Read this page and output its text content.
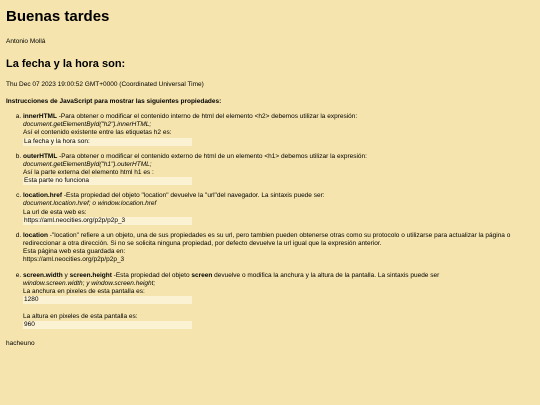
Buenas tardes

Antonio Mollá

La fecha y la hora son:

Thu Dec 07 2023 19:00:52 GMT+0000 (Coordinated Universal Time)

Instrucciones de JavaScript para mostrar las siguientes propiedades:

a. innerHTML -Para obtener o modificar el contenido interno de html del elemento <h2> debemos utilizar la expresión:
document.getElementById("h2").innerHTML;
Así el contenido existente entre las etiquetas h2 es:
La fecha y la hora son:
b. outerHTML -Para obtener o modificar el contenido externo de html de un elemento <h1> debemos utilizar la expresión:
document.getElementById("h1").outerHTML;
Así la parte externa del elemento html h1 es :
Esta parte no funciona
c. location.href -Esta propiedad del objeto "location" devuelve la "url"del navegador. La sintaxis puede ser:
document.location.href; o window.location.href
La url de esta web es:
https://aml.neocities.org/p2p/p2p_3
d. location -"location" refiere a un objeto, una de sus propiedades es su url, pero tambien pueden obtenerse otras como su protocolo o utilizarse para actualizar la página o redireccionar a otra dirección. Si no se solicita ninguna propiedad, por defecto devuelve la url igual que la expresión anterior.
Esta página web esta guardada en:
https://aml.neocities.org/p2p/p2p_3
e. screen.width y screen.height -Esta propiedad del objeto screen devuelve o modifica la anchura y la altura de la pantalla. La sintaxis puede ser
window.screen.width; y window.screen.height;
La anchura en pixeles de esta pantalla es:
1280
La altura en pixeles de esta pantalla es:
960

hacheuno
